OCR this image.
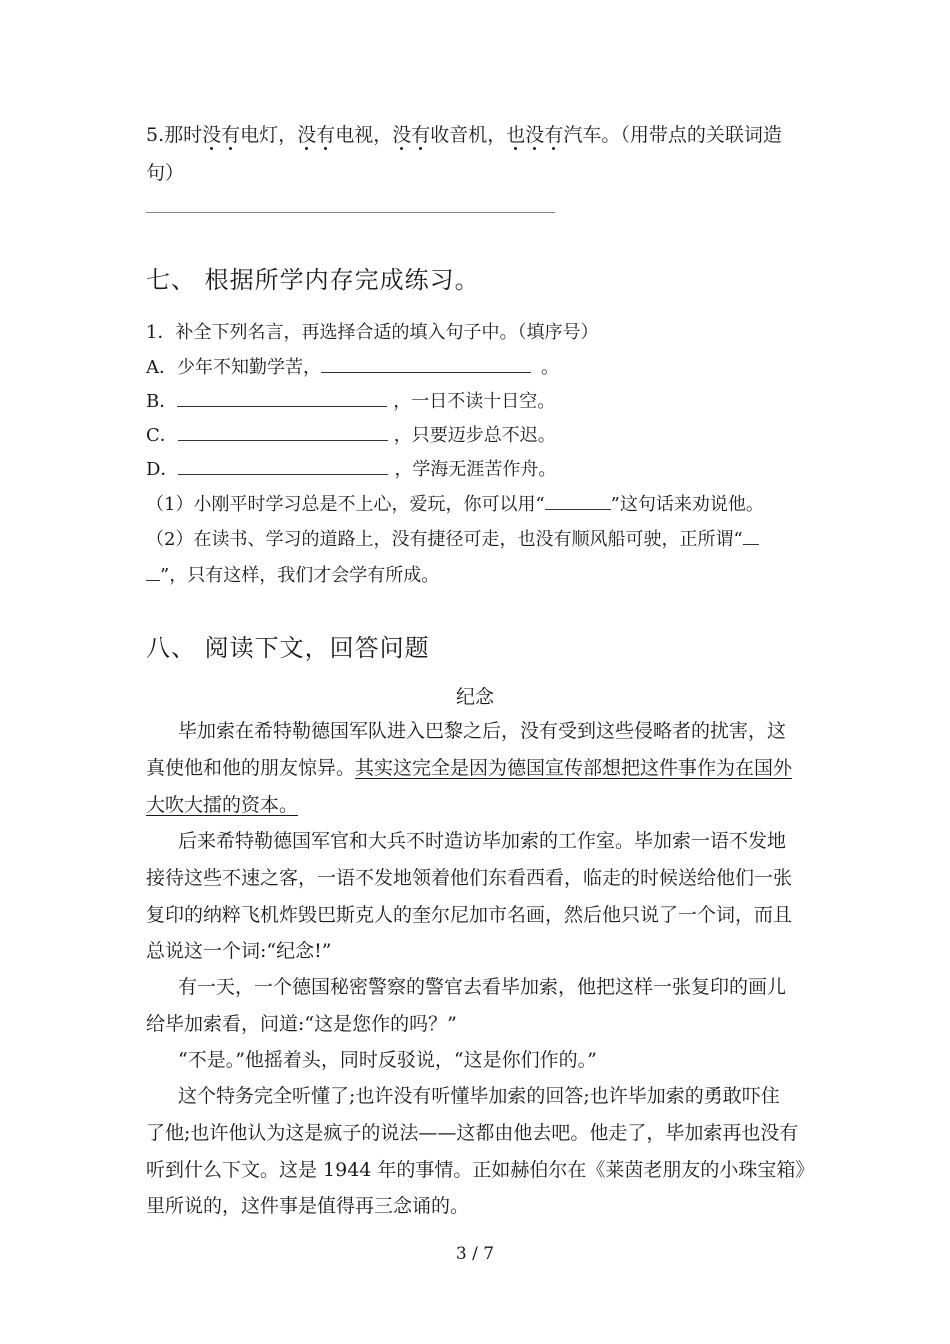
5.那时没有电灯，没有电视，没有收音机，也没有汽车。（用带点的关联词造
句）
七、 根据所学内存完成练习。
1．补全下列名言，再选择合适的填入句子中。（填序号）
A．少年不知勤学苦，	。
B．	，一日不读十日空。
C．	，只要迈步总不迟。
D．	，学海无涯苦作舟。
（1）小刚平时学习总是不上心，爱玩，你可以用“	”这句话来劝说他。
（2）在读书、学习的道路上，没有捷径可走，也没有顺风船可驶，正所谓“
”，只有这样，我们才会学有所成。
八、 阅读下文，回答问题
纪念
毕加索在希特勒德国军队进入巴黎之后，没有受到这些侵略者的扰害，这
真使他和他的朋友惊异。其实这完全是因为德国宣传部想把这件事作为在国外
大吹大擂的资本。
后来希特勒德国军官和大兵不时造访毕加索的工作室。毕加索一语不发地
接待这些不速之客，一语不发地领着他们东看西看，临走的时候送给他们一张
复印的纳粹飞机炸毁巴斯克人的奎尔尼加市名画，然后他只说了一个词，而且
总说这一个词:“纪念!”
有一天，一个德国秘密警察的警官去看毕加索，他把这样一张复印的画儿
给毕加索看，问道:“这是您作的吗？”
“不是。”他摇着头，同时反驳说，“这是你们作的。”
这个特务完全听懂了;也许没有听懂毕加索的回答;也许毕加索的勇敢吓住
了他;也许他认为这是疯子的说法——这都由他去吧。他走了，毕加索再也没有
听到什么下文。这是 1944 年的事情。正如赫伯尔在《莱茵老朋友的小珠宝箱》
里所说的，这件事是值得再三念诵的。
3 / 7
